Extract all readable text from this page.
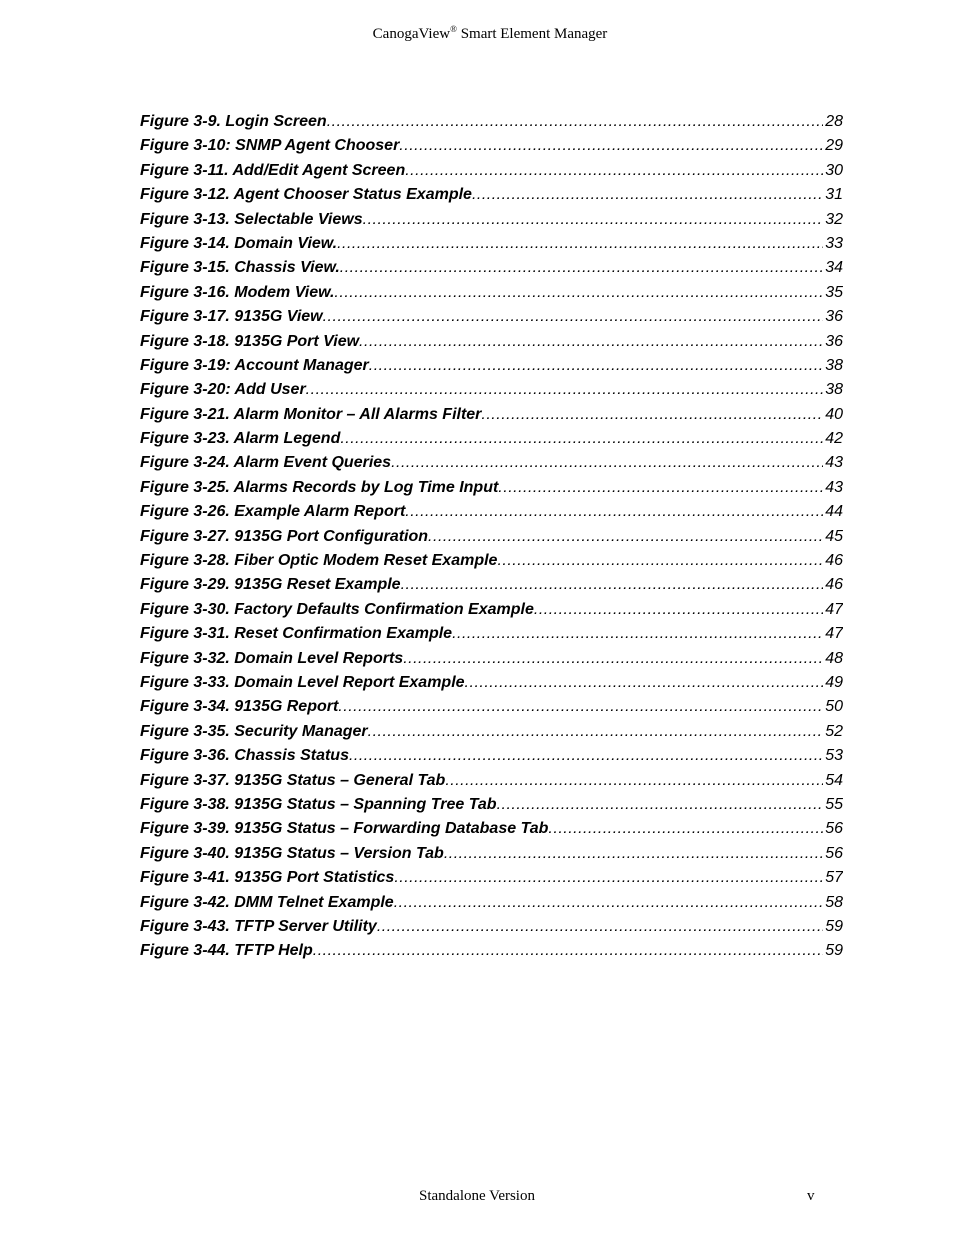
CanogaView® Smart Element Manager
Figure 3-9. Login Screen .....	28
Figure 3-10: SNMP Agent Chooser .....	29
Figure 3-11. Add/Edit Agent Screen .....	30
Figure 3-12. Agent Chooser Status Example .....	31
Figure 3-13. Selectable Views .....	32
Figure 3-14. Domain View. .....	33
Figure 3-15. Chassis View. .....	34
Figure 3-16. Modem View. .....	35
Figure 3-17. 9135G View .....	36
Figure 3-18. 9135G Port View .....	36
Figure 3-19: Account Manager .....	38
Figure 3-20: Add User .....	38
Figure 3-21. Alarm Monitor – All Alarms Filter .....	40
Figure 3-23. Alarm Legend .....	42
Figure 3-24. Alarm Event Queries .....	43
Figure 3-25. Alarms Records by Log Time Input .....	43
Figure 3-26. Example Alarm Report .....	44
Figure 3-27. 9135G Port Configuration .....	45
Figure 3-28. Fiber Optic Modem Reset Example .....	46
Figure 3-29. 9135G Reset Example .....	46
Figure 3-30. Factory Defaults Confirmation Example .....	47
Figure 3-31. Reset Confirmation Example .....	47
Figure 3-32. Domain Level Reports .....	48
Figure 3-33. Domain Level Report Example .....	49
Figure 3-34. 9135G Report .....	50
Figure 3-35. Security Manager .....	52
Figure 3-36. Chassis Status .....	53
Figure 3-37. 9135G Status – General Tab .....	54
Figure 3-38. 9135G Status – Spanning Tree Tab .....	55
Figure 3-39. 9135G Status – Forwarding Database Tab .....	56
Figure 3-40. 9135G Status – Version Tab .....	56
Figure 3-41. 9135G Port Statistics .....	57
Figure 3-42. DMM Telnet Example .....	58
Figure 3-43. TFTP Server Utility .....	59
Figure 3-44. TFTP Help .....	59
Standalone Version	v
